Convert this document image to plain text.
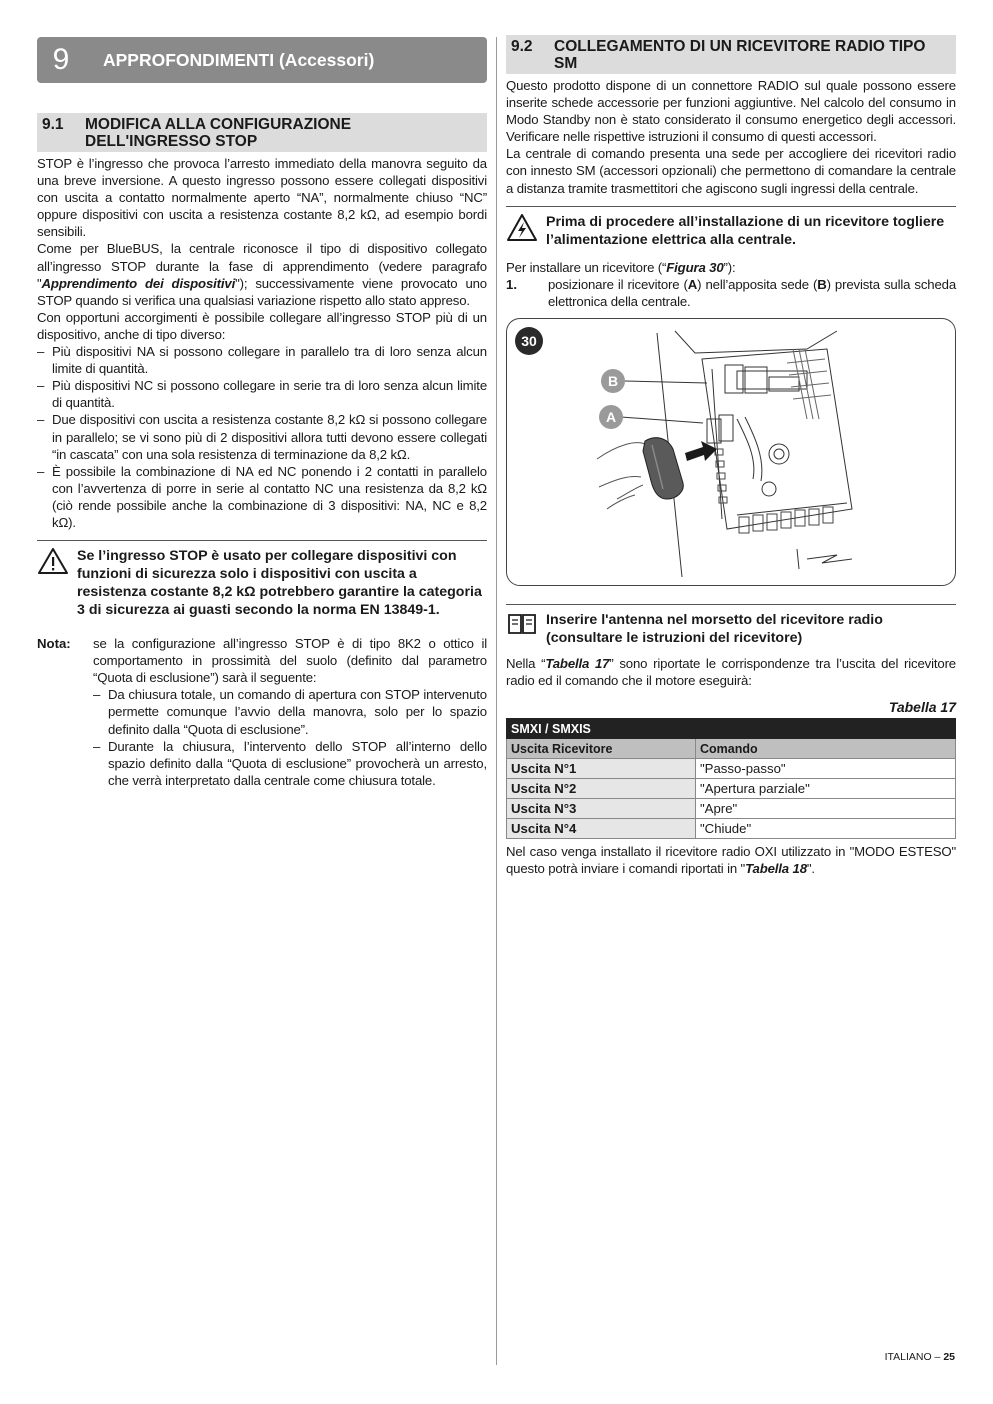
9	APPROFONDIMENTI (Accessori)
9.1	MODIFICA ALLA CONFIGURAZIONE
DELL'INGRESSO STOP

STOP è l’ingresso che provoca l’arresto immediato della manovra seguito da una breve inversione. A questo ingresso possono essere collegati dispositivi con uscita a contatto normalmente aperto “NA”, normalmente chiuso “NC” oppure dispositivi con uscita a resistenza costante 8,2 kΩ, ad esempio bordi sensibili.

Come per BlueBUS, la centrale riconosce il tipo di dispositivo collegato all’ingresso STOP durante la fase di apprendimento (vedere paragrafo "Apprendimento dei dispositivi"); successivamente viene provocato uno STOP quando si verifica una qualsiasi variazione rispetto allo stato appreso.

Con opportuni accorgimenti è possibile collegare all’ingresso STOP più di un dispositivo, anche di tipo diverso:

– Più dispositivi NA si possono collegare in parallelo tra di loro senza alcun limite di quantità.
– Più dispositivi NC si possono collegare in serie tra di loro senza alcun limite di quantità.
– Due dispositivi con uscita a resistenza costante 8,2 kΩ si possono collegare in parallelo; se vi sono più di 2 dispositivi allora tutti devono essere collegati “in cascata” con una sola resistenza di terminazione da 8,2 kΩ.
– È possibile la combinazione di NA ed NC ponendo i 2 contatti in parallelo con l’avvertenza di porre in serie al contatto NC una resistenza da 8,2 kΩ (ciò rende possibile anche la combinazione di 3 dispositivi: NA, NC e 8,2 kΩ).
Se l’ingresso STOP è usato per collegare dispositivi con funzioni di sicurezza solo i dispositivi con uscita a resistenza costante 8,2 kΩ potrebbero garantire la categoria 3 di sicurezza ai guasti secondo la norma EN 13849-1.
Nota:	se la configurazione all’ingresso STOP è di tipo 8K2 o ottico il comportamento in prossimità del suolo (definito dal parametro “Quota di esclusione”) sarà il seguente:

– Da chiusura totale, un comando di apertura con STOP intervenuto permette comunque l’avvio della manovra, solo per lo spazio definito dalla “Quota di esclusione”.
– Durante la chiusura, l’intervento dello STOP all’interno dello spazio definito dalla “Quota di esclusione” provocherà un arresto, che verrà interpretato dalla centrale come chiusura totale.
9.2	COLLEGAMENTO DI UN RICEVITORE RADIO TIPO
SM

Questo prodotto dispone di un connettore RADIO sul quale possono essere inserite schede accessorie per funzioni aggiuntive. Nel calcolo del consumo in Modo Standby non è stato considerato il consumo energetico degli accessori. Verificare nelle rispettive istruzioni il consumo di questi accessori.

La centrale di comando presenta una sede per accogliere dei ricevitori radio con innesto SM (accessori opzionali) che permettono di comandare la centrale a distanza tramite trasmettitori che agiscono sugli ingressi della centrale.

Prima di procedere all’installazione di un ricevitore togliere l’alimentazione elettrica alla centrale.

Per installare un ricevitore (“Figura 30”):

1.	posizionare il ricevitore (A) nell’apposita sede (B) prevista sulla scheda elettronica della centrale.

30
B
A
Inserire l'antenna nel morsetto del ricevitore radio (consultare le istruzioni del ricevitore)

Nella “Tabella 17” sono riportate le corrispondenze tra l’uscita del ricevitore radio ed il comando che il motore eseguirà:

Tabella 17
SMXI / SMXIS	
Uscita Ricevitore	Comando
Uscita N°1	"Passo-passo"
Uscita N°2	"Apertura parziale"
Uscita N°3	"Apre"
Uscita N°4	"Chiude"

Nel caso venga installato il ricevitore radio OXI utilizzato in "MODO ESTESO" questo potrà inviare i comandi riportati in "Tabella 18".

ITALIANO – 25
